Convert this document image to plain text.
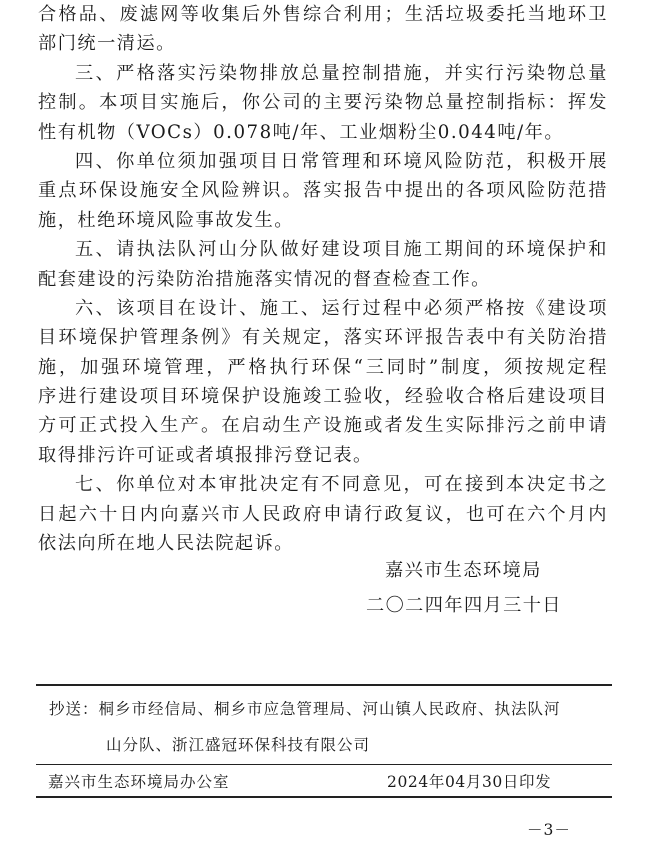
合格品、废滤网等收集后外售综合利用；生活垃圾委托当地环卫
部门统一清运。
三、严格落实污染物排放总量控制措施，并实行污染物总量
控制。本项目实施后，你公司的主要污染物总量控制指标：挥发
性有机物（VOCs）0.078吨/年、工业烟粉尘0.044吨/年。
四、你单位须加强项目日常管理和环境风险防范，积极开展
重点环保设施安全风险辨识。落实报告中提出的各项风险防范措
施，杜绝环境风险事故发生。
五、请执法队河山分队做好建设项目施工期间的环境保护和
配套建设的污染防治措施落实情况的督查检查工作。
六、该项目在设计、施工、运行过程中必须严格按《建设项
目环境保护管理条例》有关规定，落实环评报告表中有关防治措
施，加强环境管理，严格执行环保“三同时”制度，须按规定程
序进行建设项目环境保护设施竣工验收，经验收合格后建设项目
方可正式投入生产。在启动生产设施或者发生实际排污之前申请
取得排污许可证或者填报排污登记表。
七、你单位对本审批决定有不同意见，可在接到本决定书之
日起六十日内向嘉兴市人民政府申请行政复议，也可在六个月内
依法向所在地人民法院起诉。
嘉兴市生态环境局
二〇二四年四月三十日
抄送：桐乡市经信局、桐乡市应急管理局、河山镇人民政府、执法队河
山分队、浙江盛冠环保科技有限公司
嘉兴市生态环境局办公室	2024年04月30日印发
－3－
